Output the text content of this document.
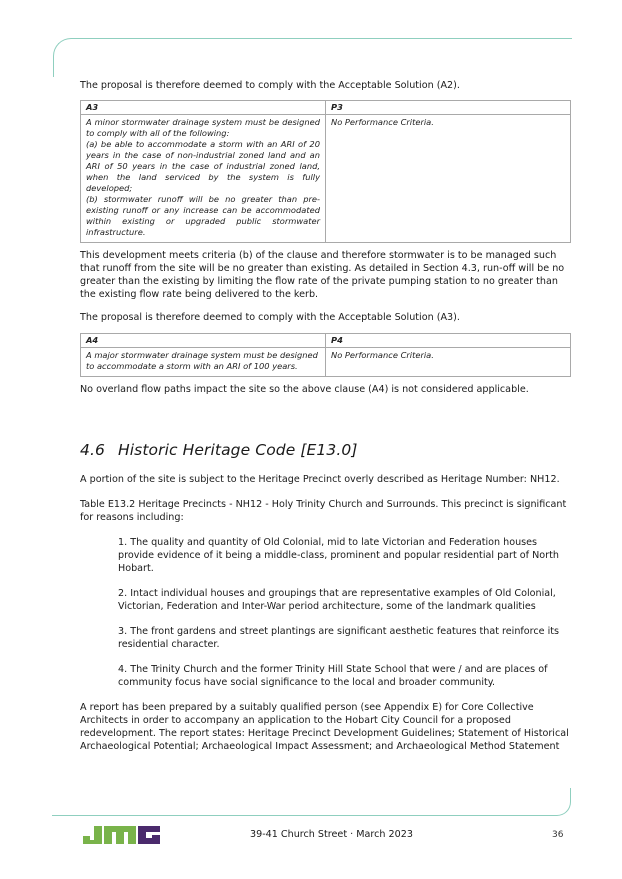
The proposal is therefore deemed to comply with the Acceptable Solution (A2).

A3	P3

A minor stormwater drainage system must be designed to comply with all of the following:

(a) be able to accommodate a storm with an ARI of 20 years in the case of non-industrial zoned land and an ARI of 50 years in the case of industrial zoned land, when the land serviced by the system is fully developed;

(b) stormwater runoff will be no greater than pre-existing runoff or any increase can be accommodated within existing or upgraded public stormwater infrastructure.	No Performance Criteria.

This development meets criteria (b) of the clause and therefore stormwater is to be managed such that runoff from the site will be no greater than existing. As detailed in Section 4.3, run-off will be no greater than the existing by limiting the flow rate of the private pumping station to no greater than the existing flow rate being delivered to the kerb.

The proposal is therefore deemed to comply with the Acceptable Solution (A3).

A4	P4
A major stormwater drainage system must be designed to accommodate a storm with an ARI of 100 years.	No Performance Criteria.

No overland flow paths impact the site so the above clause (A4) is not considered applicable.

4.6 Historic Heritage Code [E13.0]

A portion of the site is subject to the Heritage Precinct overly described as Heritage Number: NH12.

Table E13.2 Heritage Precincts - NH12 - Holy Trinity Church and Surrounds. This precinct is significant for reasons including:

1. The quality and quantity of Old Colonial, mid to late Victorian and Federation houses provide evidence of it being a middle-class, prominent and popular residential part of North Hobart.

2. Intact individual houses and groupings that are representative examples of Old Colonial, Victorian, Federation and Inter-War period architecture, some of the landmark qualities

3. The front gardens and street plantings are significant aesthetic features that reinforce its residential character.

4. The Trinity Church and the former Trinity Hill State School that were / and are places of community focus have social significance to the local and broader community.

A report has been prepared by a suitably qualified person (see Appendix E) for Core Collective Architects in order to accompany an application to the Hobart City Council for a proposed redevelopment. The report states: Heritage Precinct Development Guidelines; Statement of Historical Archaeological Potential; Archaeological Impact Assessment; and Archaeological Method Statement

39-41 Church Street · March 2023	36
